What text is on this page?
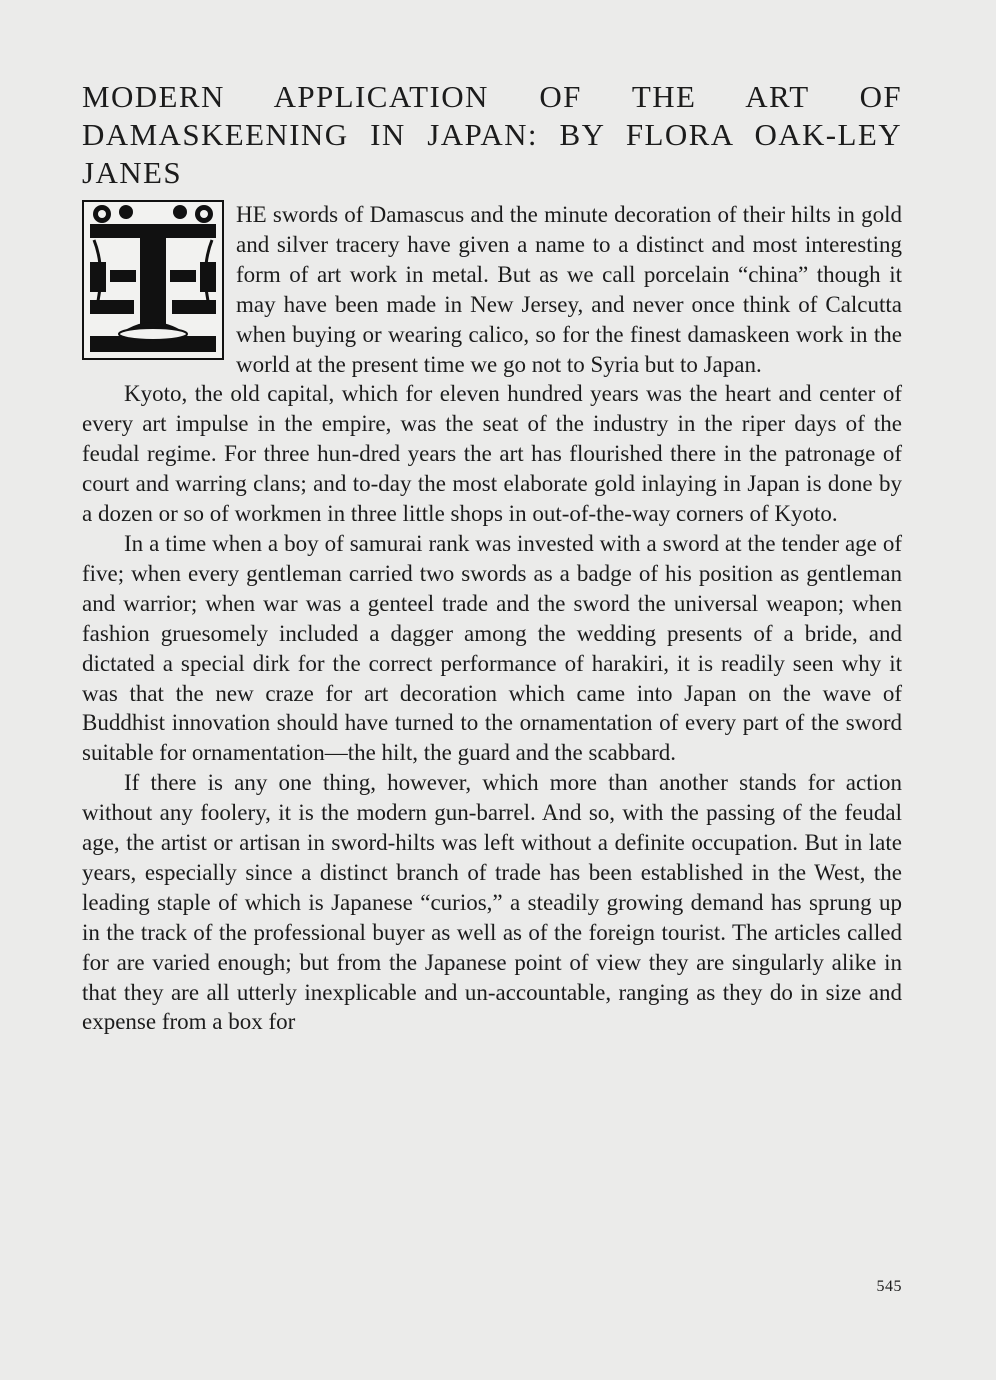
MODERN APPLICATION OF THE ART OF DAMASKEENING IN JAPAN: BY FLORA OAK-LEY JANES

HE swords of Damascus and the minute decoration of their hilts in gold and silver tracery have given a name to a distinct and most interesting form of art work in metal. But as we call porcelain “china” though it may have been made in New Jersey, and never once think of Calcutta when buying or wearing calico, so for the finest damaskeen work in the world at the present time we go not to Syria but to Japan.

Kyoto, the old capital, which for eleven hundred years was the heart and center of every art impulse in the empire, was the seat of the industry in the riper days of the feudal regime. For three hun-dred years the art has flourished there in the patronage of court and warring clans; and to-day the most elaborate gold inlaying in Japan is done by a dozen or so of workmen in three little shops in out-of-the-way corners of Kyoto.

In a time when a boy of samurai rank was invested with a sword at the tender age of five; when every gentleman carried two swords as a badge of his position as gentleman and warrior; when war was a genteel trade and the sword the universal weapon; when fashion gruesomely included a dagger among the wedding presents of a bride, and dictated a special dirk for the correct performance of harakiri, it is readily seen why it was that the new craze for art decoration which came into Japan on the wave of Buddhist innovation should have turned to the ornamentation of every part of the sword suitable for ornamentation—the hilt, the guard and the scabbard.

If there is any one thing, however, which more than another stands for action without any foolery, it is the modern gun-barrel. And so, with the passing of the feudal age, the artist or artisan in sword-hilts was left without a definite occupation. But in late years, especially since a distinct branch of trade has been established in the West, the leading staple of which is Japanese “curios,” a steadily growing demand has sprung up in the track of the professional buyer as well as of the foreign tourist. The articles called for are varied enough; but from the Japanese point of view they are singularly alike in that they are all utterly inexplicable and un-accountable, ranging as they do in size and expense from a box for

545
